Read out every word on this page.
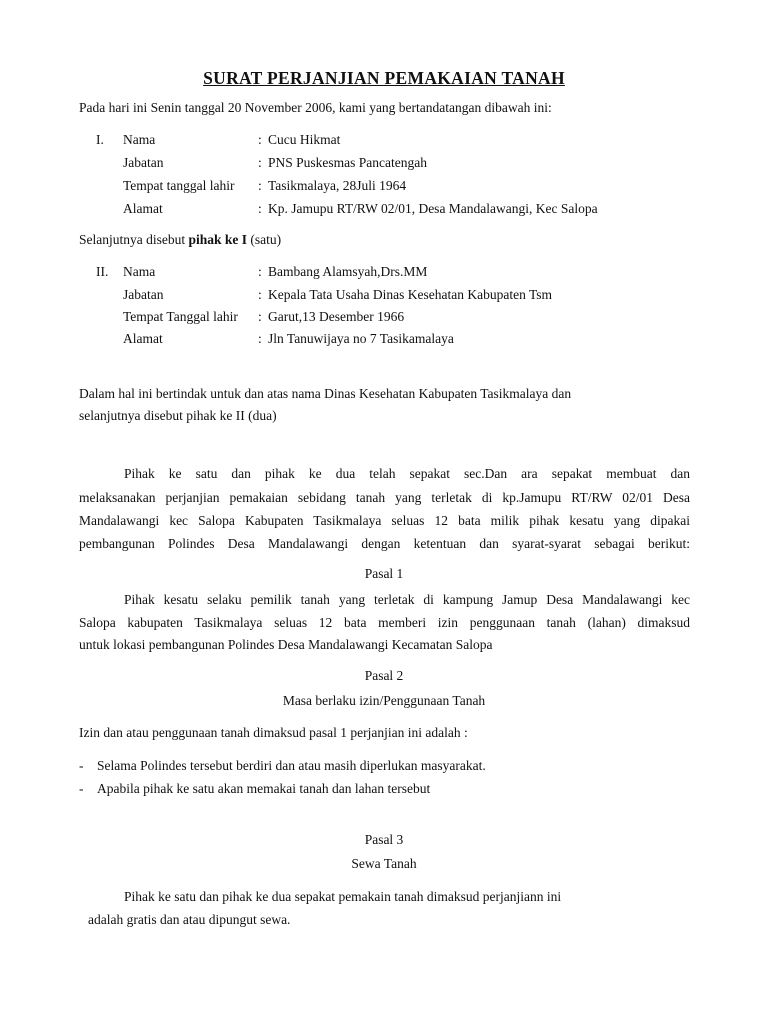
SURAT PERJANJIAN PEMAKAIAN TANAH
Pada hari ini Senin tanggal 20 November 2006, kami yang bertandatangan dibawah ini:
I. Nama	: Cucu Hikmat
Jabatan	: PNS Puskesmas Pancatengah
Tempat tanggal lahir : Tasikmalaya, 28Juli 1964
Alamat	: Kp. Jamupu RT/RW 02/01, Desa Mandalawangi, Kec Salopa
Selanjutnya disebut pihak ke I (satu)
II. Nama	: Bambang Alamsyah,Drs.MM
Jabatan	: Kepala Tata Usaha Dinas Kesehatan Kabupaten Tsm
Tempat Tanggal lahir : Garut,13 Desember 1966
Alamat	: Jln Tanuwijaya no 7 Tasikamalaya
Dalam hal ini bertindak untuk dan atas nama Dinas Kesehatan Kabupaten Tasikmalaya dan
selanjutnya disebut pihak ke II (dua)
Pihak ke satu dan pihak ke dua telah sepakat sec.Dan ara sepakat membuat dan
melaksanakan perjanjian pemakaian sebidang tanah yang terletak di kp.Jamupu RT/RW 02/01 Desa
Mandalawangi kec Salopa Kabupaten Tasikmalaya seluas 12 bata milik pihak kesatu yang dipakai
pembangunan Polindes Desa Mandalawangi dengan ketentuan dan syarat-syarat sebagai berikut:
Pasal 1
Pihak kesatu selaku pemilik tanah yang terletak di kampung Jamup Desa Mandalawangi kec
Salopa kabupaten Tasikmalaya seluas 12 bata memberi izin penggunaan tanah (lahan) dimaksud
untuk lokasi pembangunan Polindes Desa Mandalawangi Kecamatan Salopa
Pasal 2
Masa berlaku izin/Penggunaan Tanah
Izin dan atau penggunaan tanah dimaksud pasal 1 perjanjian ini adalah :
- Selama Polindes tersebut berdiri dan atau masih diperlukan masyarakat.
- Apabila pihak ke satu akan memakai tanah dan lahan tersebut
Pasal 3
Sewa Tanah
Pihak ke satu dan pihak ke dua sepakat pemakain tanah dimaksud perjanjiann ini
adalah gratis dan atau dipungut sewa.
